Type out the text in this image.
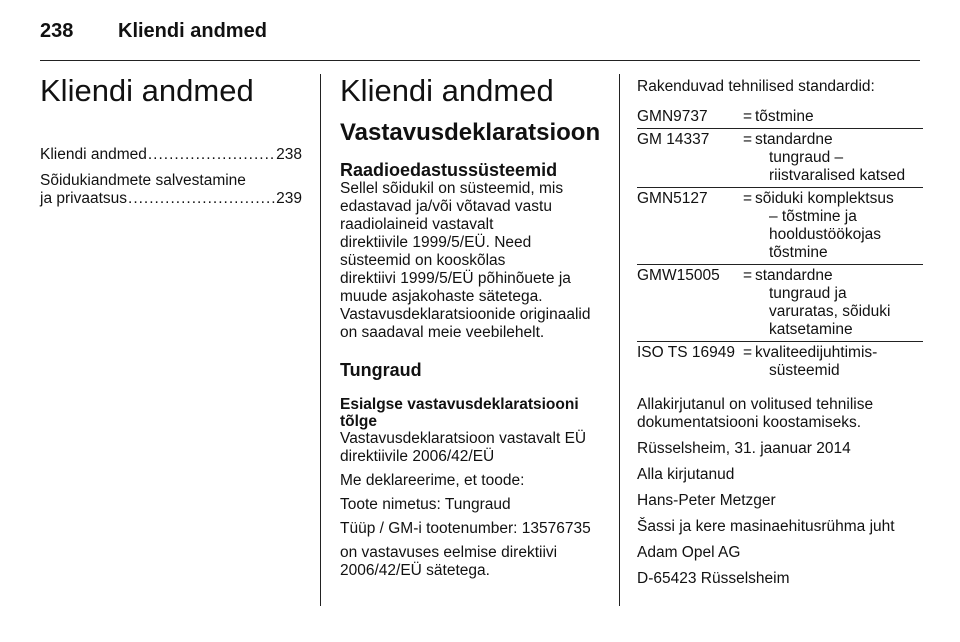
238 Kliendi andmed
Kliendi andmed
Kliendi andmed .....	238
Sõidukiandmete salvestamine
ja privaatsus .....	239
Kliendi andmed
Vastavusdeklaratsioon
Raadioedastussüsteemid

Sellel sõidukil on süsteemid, mis

edastavad ja/või võtavad vastu

raadiolaineid vastavalt

direktiivile 1999/5/EÜ. Need

süsteemid on kooskõlas

direktiivi 1999/5/EÜ põhinõuete ja

muude asjakohaste sätetega.

Vastavusdeklaratsioonide originaalid

on saadaval meie veebilehelt.

Tungraud

Esialgse vastavusdeklaratsiooni

tõlge

Vastavusdeklaratsioon vastavalt EÜ

direktiivile 2006/42/EÜ

Me deklareerime, et toode:

Toote nimetus: Tungraud

Tüüp / GM-i tootenumber: 13576735

on vastavuses eelmise direktiivi

2006/42/EÜ sätetega.

Rakenduvad tehnilised standardid:

GMN9737	= tõstmine
GM 14337	= standardne
tungraud –
riistvaralised katsed
GMN5127	= sõiduki komplektsus
– tõstmine ja
hooldustöökojas
tõstmine
GMW15005	= standardne
tungraud ja
varuratas, sõiduki
katsetamine
ISO TS 16949 = kvaliteedijuhtimis-
süsteemid

Allakirjutanul on volitused tehnilise

dokumentatsiooni koostamiseks.

Rüsselsheim, 31. jaanuar 2014

Alla kirjutanud

Hans-Peter Metzger

Šassi ja kere masinaehitusrühma juht

Adam Opel AG

D-65423 Rüsselsheim
